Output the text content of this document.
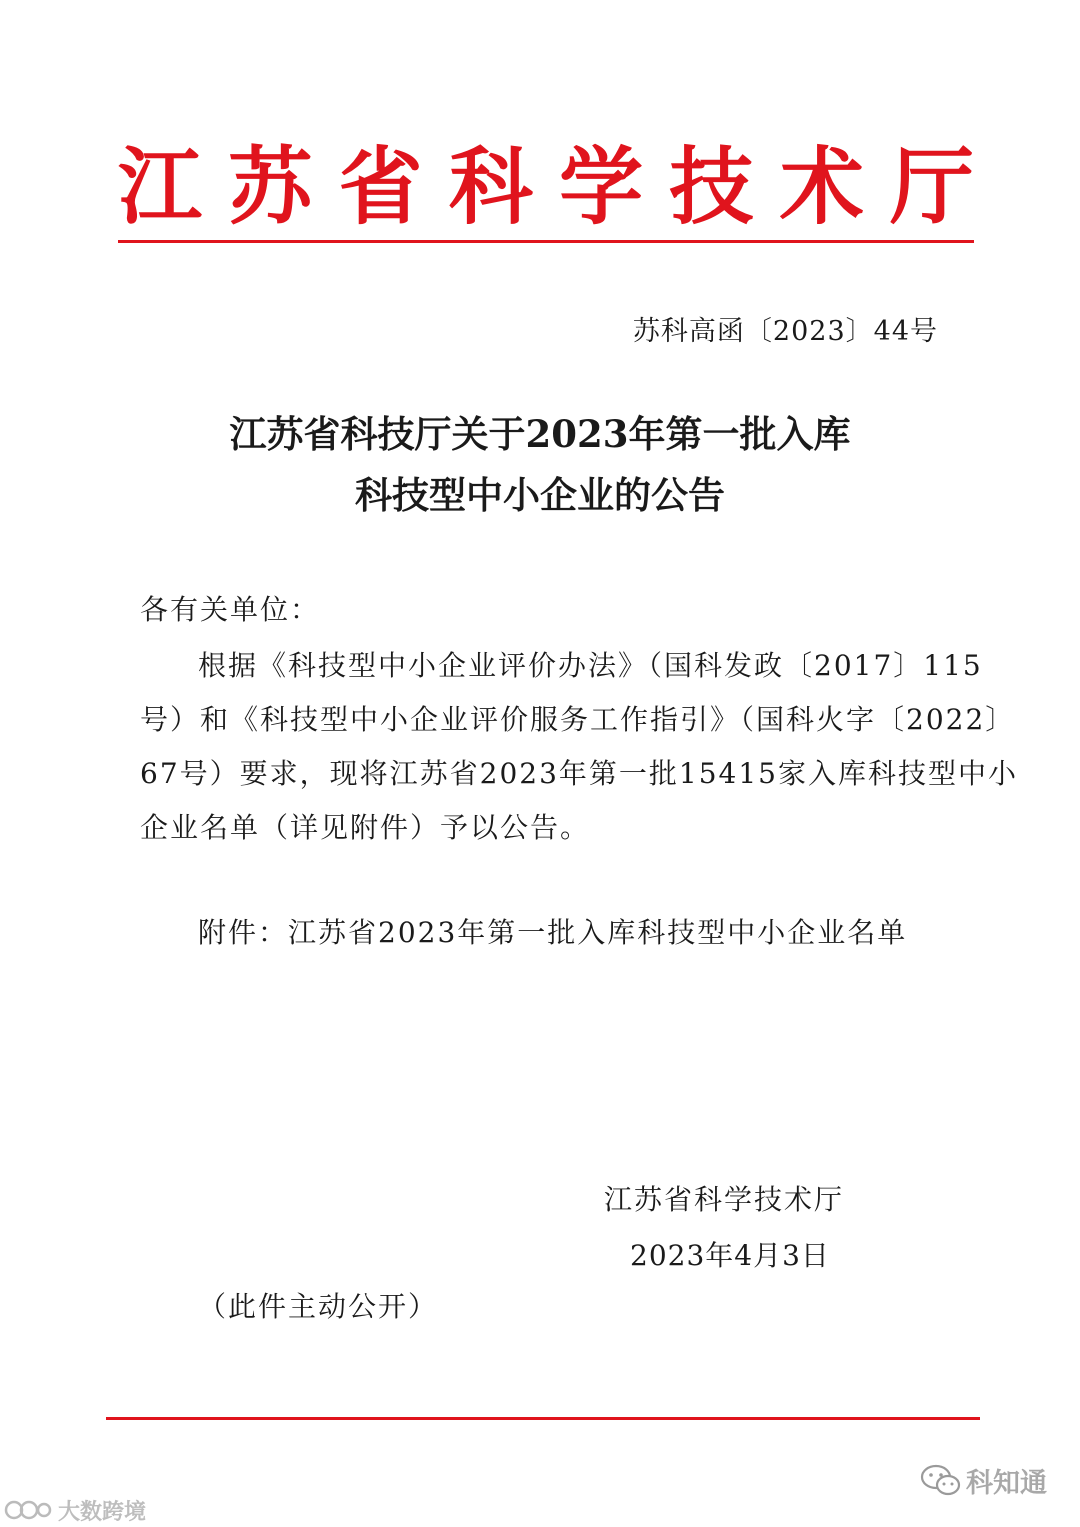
江 苏 省 科 学 技 术 厅
苏科高函〔2023〕44号
江苏省科技厅关于2023年第一批入库
科技型中小企业的公告
各有关单位：
根据《科技型中小企业评价办法》（国科发政〔2017〕115
号）和《科技型中小企业评价服务工作指引》（国科火字〔2022〕
67号）要求，现将江苏省2023年第一批15415家入库科技型中小
企业名单（详见附件）予以公告。
附件：江苏省2023年第一批入库科技型中小企业名单
江苏省科学技术厅
2023年4月3日
（此件主动公开）
大数跨境
科知通
